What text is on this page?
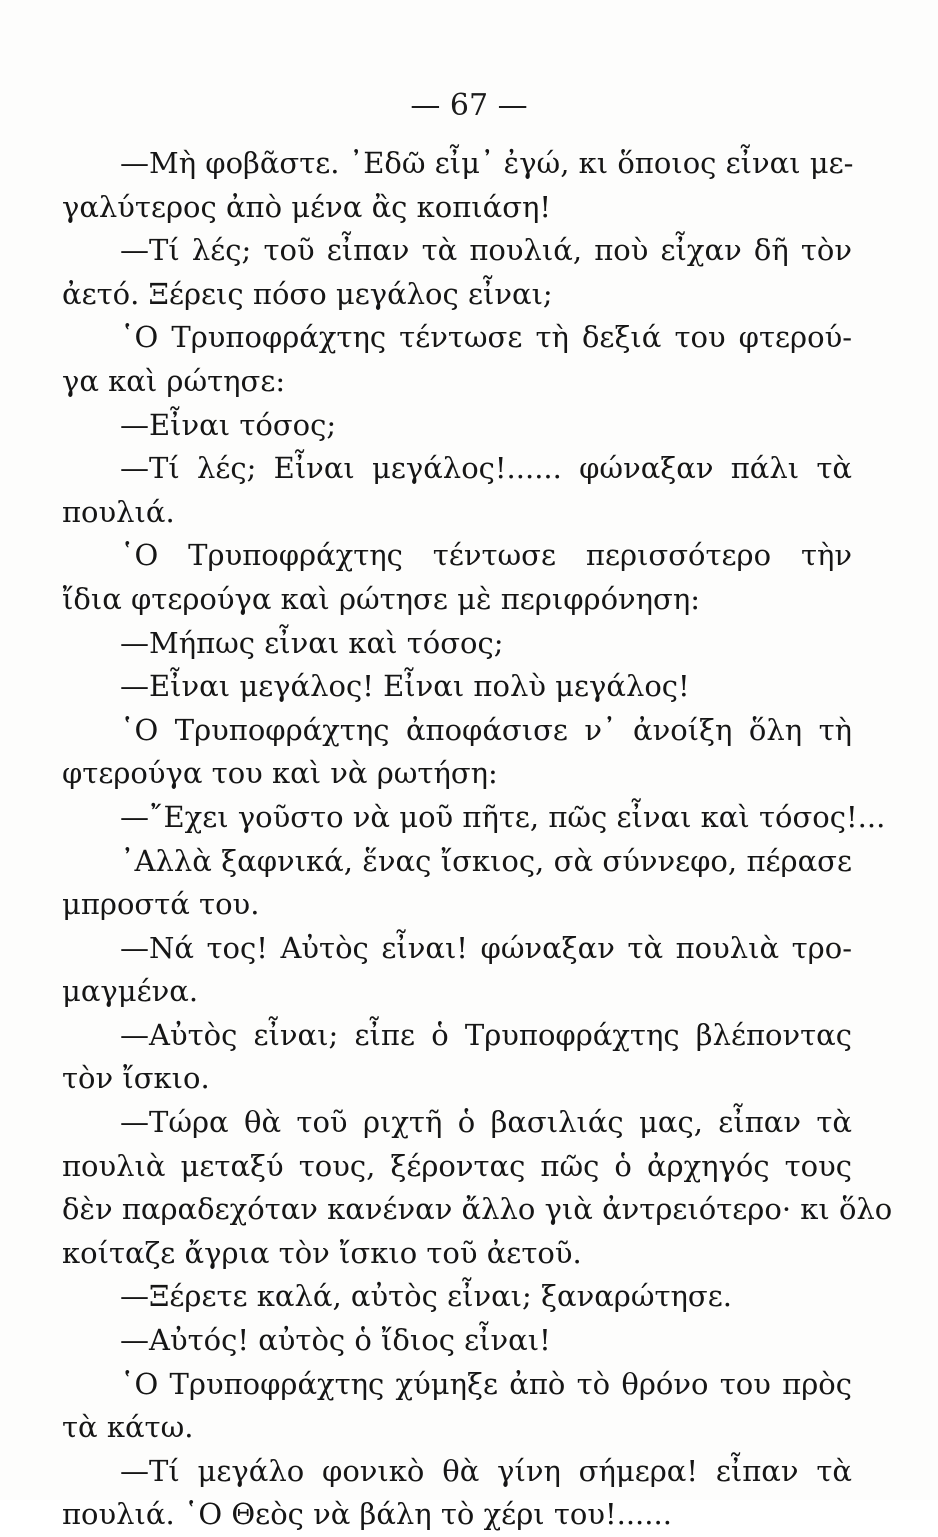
— 67 —
—Μὴ φοβᾶστε. ᾿Εδῶ εἶμ᾿ ἐγώ, κι ὅποιος εἶναι με-
γαλύτερος ἀπὸ μένα ἂς κοπιάση!
—Τί λές; τοῦ εἶπαν τὰ πουλιά, ποὺ εἶχαν δῆ τὸν
ἀετό. Ξέρεις πόσο μεγάλος εἶναι;
῾Ο Τρυποφράχτης τέντωσε τὴ δεξιά του φτερού-
γα καὶ ρώτησε:
—Εἶναι τόσος;
—Τί λές; Εἶναι μεγάλος!...... φώναξαν πάλι τὰ
πουλιά.
῾Ο Τρυποφράχτης τέντωσε περισσότερο τὴν
ἴδια φτερούγα καὶ ρώτησε μὲ περιφρόνηση:
—Μήπως εἶναι καὶ τόσος;
—Εἶναι μεγάλος! Εἶναι πολὺ μεγάλος!
῾Ο Τρυποφράχτης ἀποφάσισε ν᾿ ἀνοίξη ὅλη τὴ
φτερούγα του καὶ νὰ ρωτήση:
—῎Εχει γοῦστο νὰ μοῦ πῆτε, πῶς εἶναι καὶ τόσος!...
᾿Αλλὰ ξαφνικά, ἕνας ἴσκιος, σὰ σύννεφο, πέρασε
μπροστά του.
—Νά τος! Αὐτὸς εἶναι! φώναξαν τὰ πουλιὰ τρο-
μαγμένα.
—Αὐτὸς εἶναι; εἶπε ὁ Τρυποφράχτης βλέποντας
τὸν ἴσκιο.
—Τώρα θὰ τοῦ ριχτῆ ὁ βασιλιάς μας, εἶπαν τὰ
πουλιὰ μεταξύ τους, ξέροντας πῶς ὁ ἀρχηγός τους
δὲν παραδεχόταν κανέναν ἄλλο γιὰ ἀντρειότερο· κι ὅλο
κοίταζε ἄγρια τὸν ἴσκιο τοῦ ἀετοῦ.
—Ξέρετε καλά, αὐτὸς εἶναι; ξαναρώτησε.
—Αὐτός! αὐτὸς ὁ ἴδιος εἶναι!
῾Ο Τρυποφράχτης χύμηξε ἀπὸ τὸ θρόνο του πρὸς
τὰ κάτω.
—Τί μεγάλο φονικὸ θὰ γίνη σήμερα! εἶπαν τὰ
πουλιά. ῾Ο Θεὸς νὰ βάλη τὸ χέρι του!......
